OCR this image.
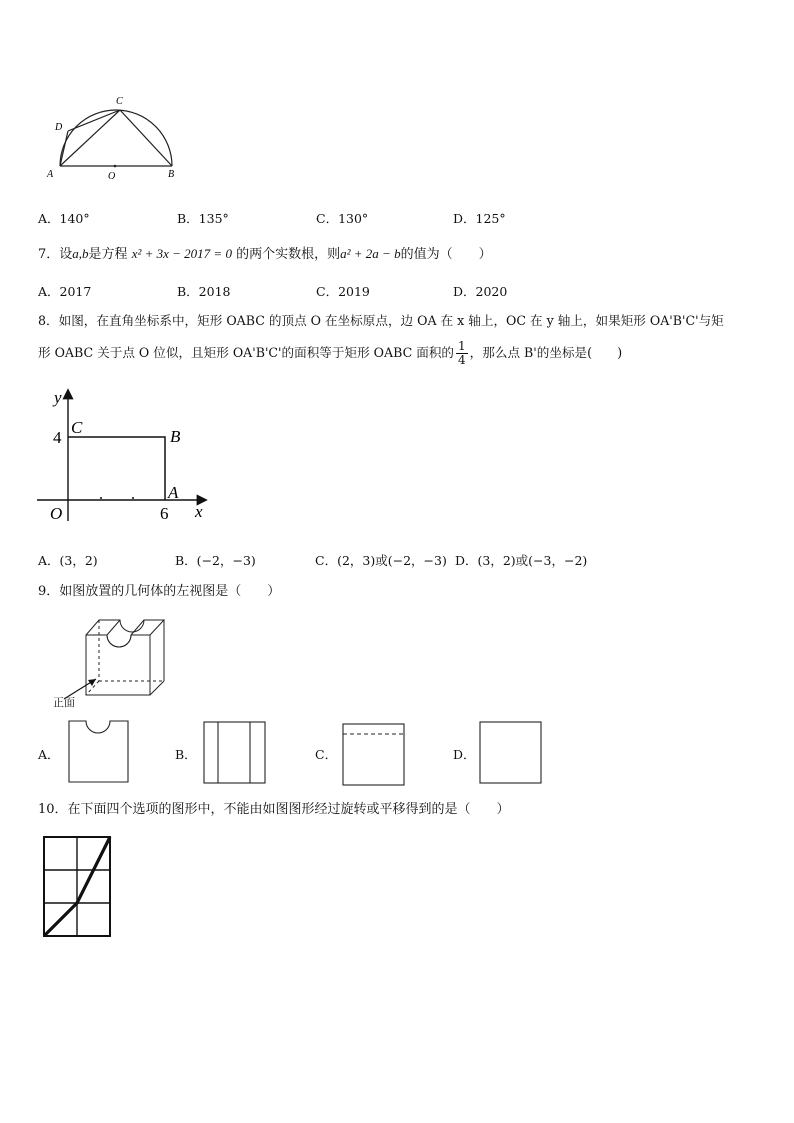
C
D
A	O	B
A．140°	B．135°	C．130°	D．125°
7．设a,b是方程 x² + 3x − 2017 = 0 的两个实数根，则a² + 2a − b的值为（　　）
A．2017	B．2018	C．2019	D．2020
8．如图，在直角坐标系中，矩形 OABC 的顶点 O 在坐标原点，边 OA 在 x 轴上，OC 在 y 轴上，如果矩形 OA'B'C'与矩
形 OABC 关于点 O 位似，且矩形 OA'B'C'的面积等于矩形 OABC 面积的 $\frac{1}{4}$ ，那么点 B'的坐标是(　　)
y
x
C	B
A
O
4
6
A．(3，2)	B．(−2，−3)	C．(2，3)或(−2，−3) D．(3，2)或(−3，−2)
9．如图放置的几何体的左视图是（　　）
正面
A．	B．	C．	D．
10．在下面四个选项的图形中，不能由如图图形经过旋转或平移得到的是（　　）
